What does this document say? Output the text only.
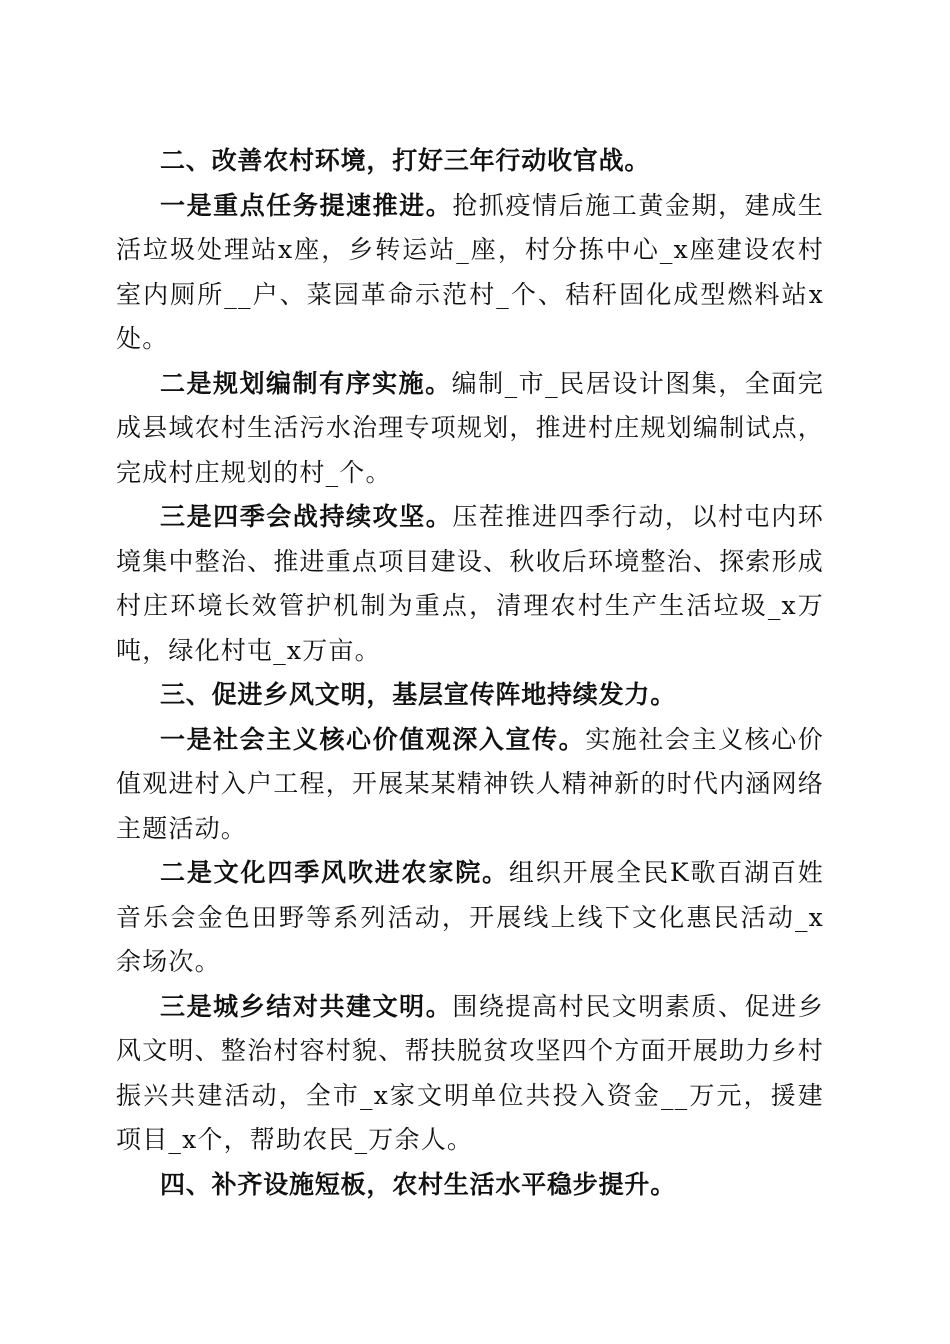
二、改善农村环境，打好三年行动收官战。

一是重点任务提速推进。抢抓疫情后施工黄金期，建成生活垃圾处理站x座，乡转运站_座，村分拣中心_x座建设农村室内厕所__户、菜园革命示范村_个、秸秆固化成型燃料站x处。

二是规划编制有序实施。编制_市_民居设计图集，全面完成县域农村生活污水治理专项规划，推进村庄规划编制试点，完成村庄规划的村_个。

三是四季会战持续攻坚。压茬推进四季行动，以村屯内环境集中整治、推进重点项目建设、秋收后环境整治、探索形成村庄环境长效管护机制为重点，清理农村生产生活垃圾_x万吨，绿化村屯_x万亩。

三、促进乡风文明，基层宣传阵地持续发力。

一是社会主义核心价值观深入宣传。实施社会主义核心价值观进村入户工程，开展某某精神铁人精神新的时代内涵网络主题活动。

二是文化四季风吹进农家院。组织开展全民K歌百湖百姓音乐会金色田野等系列活动，开展线上线下文化惠民活动_x余场次。

三是城乡结对共建文明。围绕提高村民文明素质、促进乡风文明、整治村容村貌、帮扶脱贫攻坚四个方面开展助力乡村振兴共建活动，全市_x家文明单位共投入资金__万元，援建项目_x个，帮助农民_万余人。

四、补齐设施短板，农村生活水平稳步提升。
